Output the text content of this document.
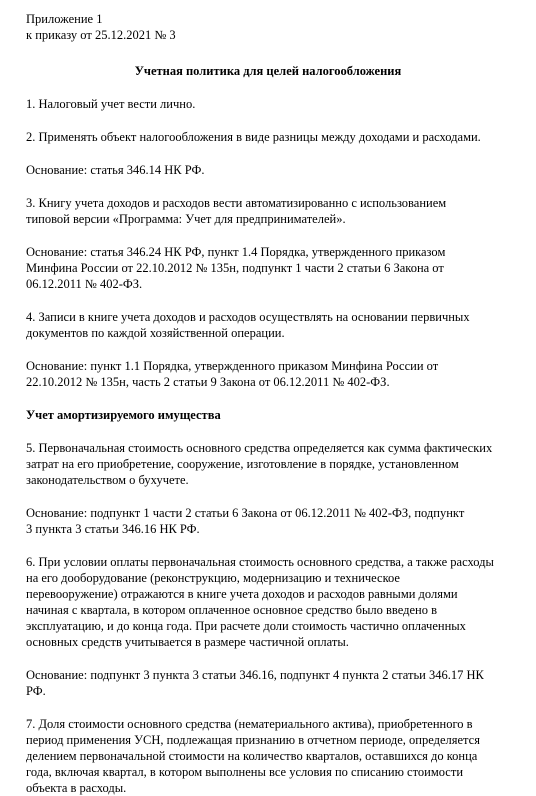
Приложение 1
к приказу от 25.12.2021 № 3
Учетная политика для целей налогообложения
1. Налоговый учет вести лично.
2. Применять объект налогообложения в виде разницы между доходами и расходами.
Основание: статья 346.14 НК РФ.
3. Книгу учета доходов и расходов вести автоматизированно с использованием
типовой версии «Программа: Учет для предпринимателей».
Основание: статья 346.24 НК РФ, пункт 1.4 Порядка, утвержденного приказом
Минфина России от 22.10.2012 № 135н, подпункт 1 части 2 статьи 6 Закона от
06.12.2011 № 402-ФЗ.
4. Записи в книге учета доходов и расходов осуществлять на основании первичных
документов по каждой хозяйственной операции.
Основание: пункт 1.1 Порядка, утвержденного приказом Минфина России от
22.10.2012 № 135н, часть 2 статьи 9 Закона от 06.12.2011 № 402-ФЗ.
Учет амортизируемого имущества
5. Первоначальная стоимость основного средства определяется как сумма фактических
затрат на его приобретение, сооружение, изготовление в порядке, установленном
законодательством о бухучете.
Основание: подпункт 1 части 2 статьи 6 Закона от 06.12.2011 № 402-ФЗ, подпункт
3 пункта 3 статьи 346.16 НК РФ.
6. При условии оплаты первоначальная стоимость основного средства, а также расходы
на его дооборудование (реконструкцию, модернизацию и техническое
перевооружение) отражаются в книге учета доходов и расходов равными долями
начиная с квартала, в котором оплаченное основное средство было введено в
эксплуатацию, и до конца года. При расчете доли стоимость частично оплаченных
основных средств учитывается в размере частичной оплаты.
Основание: подпункт 3 пункта 3 статьи 346.16, подпункт 4 пункта 2 статьи 346.17 НК
РФ.
7. Доля стоимости основного средства (нематериального актива), приобретенного в
период применения УСН, подлежащая признанию в отчетном периоде, определяется
делением первоначальной стоимости на количество кварталов, оставшихся до конца
года, включая квартал, в котором выполнены все условия по списанию стоимости
объекта в расходы.
